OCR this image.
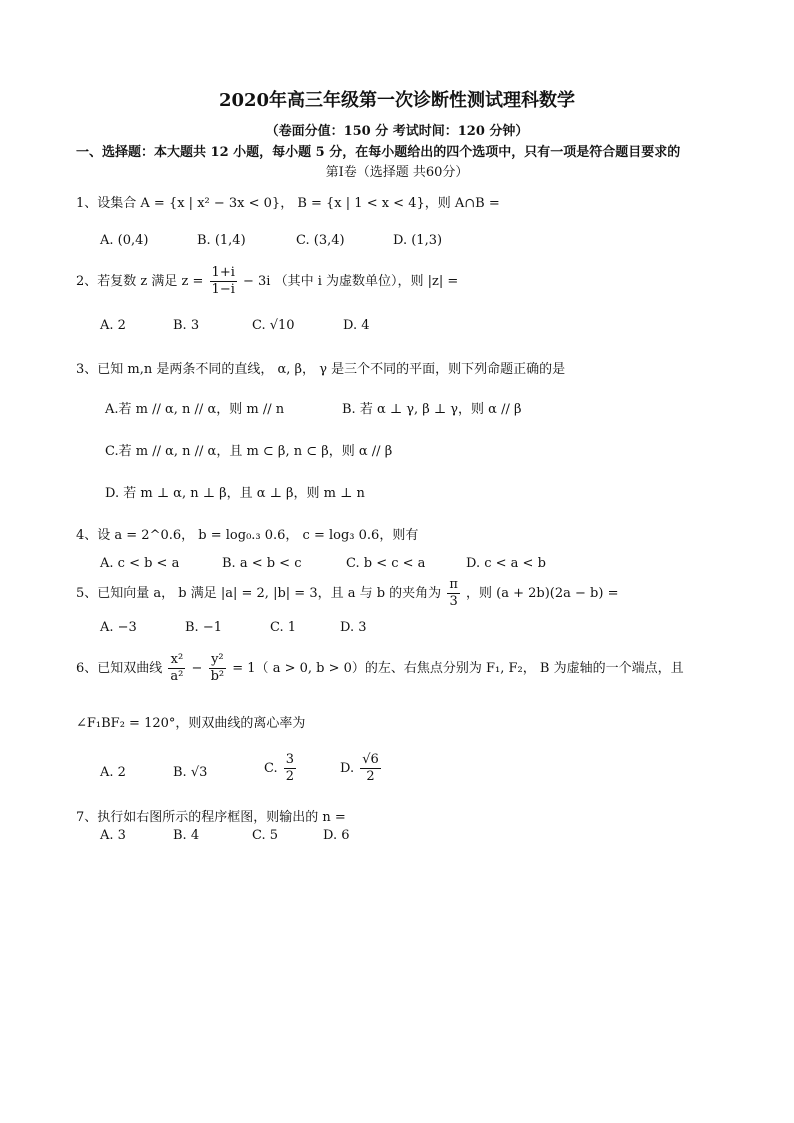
2020年高三年级第一次诊断性测试理科数学
（卷面分值：150 分 考试时间：120 分钟）
一、选择题：本大题共 12 小题，每小题 5 分，在每小题给出的四个选项中，只有一项是符合题目要求的
第Ⅰ卷（选择题 共60分）
1、设集合 A = {x | x² − 3x < 0}， B = {x | 1 < x < 4}，则 A∩B =
A. (0,4)	B. (1,4)	C. (3,4)	D. (1,3)
2、若复数 z 满足 $z = \frac{1+i}{1-i} - 3i$ （其中 i 为虚数单位），则 |z| =
A. 2	B. 3	C. √10	D. 4
3、已知 m,n 是两条不同的直线， α, β， γ 是三个不同的平面，则下列命题正确的是
A.若 m // α, n // α，则 m // n	B. 若 α ⊥ γ, β ⊥ γ，则 α // β
C.若 m // α, n // α，且 m ⊂ β, n ⊂ β，则 α // β
D. 若 m ⊥ α, n ⊥ β，且 α ⊥ β，则 m ⊥ n
4、设 a = 2^0.6， b = log₀.₃ 0.6， c = log₃ 0.6，则有
A. c < b < a	B. a < b < c	C. b < c < a	D. c < a < b
5、已知向量 a， b 满足 |a| = 2, |b| = 3，且 a 与 b 的夹角为 $\frac{\pi}{3}$ ，则 (a + 2b)(2a − b) =
A. −3	B. −1	C. 1	D. 3
6、已知双曲线 $\frac{\text{x²}}{\text{a²}} - \frac{\text{y²}}{\text{b²}} = 1$（ a > 0, b > 0）的左、右焦点分别为 F₁, F₂， B 为虚轴的一个端点，且
∠F₁BF₂ = 120°，则双曲线的离心率为
A. 2	B. √3	C. $\frac{3}{2}$	D. $\frac{√6}{2}$
7、执行如右图所示的程序框图，则输出的 n =
A. 3	B. 4	C. 5	D. 6
